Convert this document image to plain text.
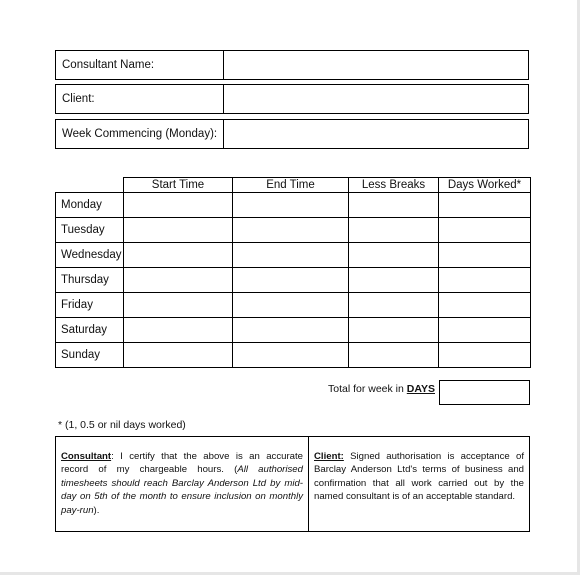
Consultant Name:
Client:
Week Commencing (Monday):
	Start Time	End Time	Less Breaks	Days Worked*
Monday				
Tuesday				
Wednesday				
Thursday				
Friday				
Saturday				
Sunday				
Total for week in DAYS
* (1, 0.5 or nil days worked)
Consultant: I certify that the above is an accurate record of my chargeable hours. (All authorised timesheets should reach Barclay Anderson Ltd by mid-day on 5th of the month to ensure inclusion on monthly pay-run).
Client: Signed authorisation is acceptance of Barclay Anderson Ltd's terms of business and confirmation that all work carried out by the named consultant is of an acceptable standard.
